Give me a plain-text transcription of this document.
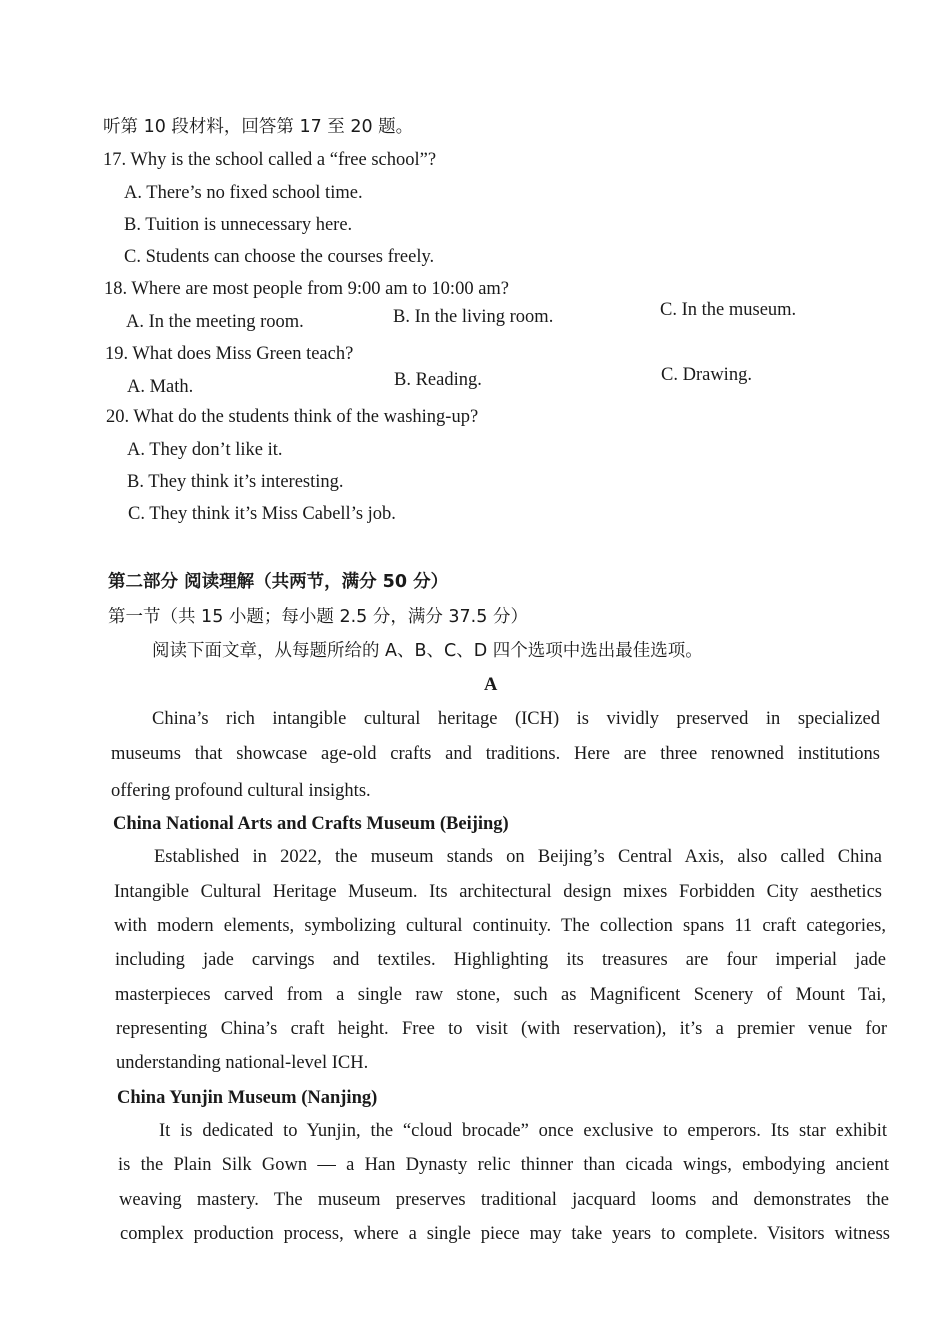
听第 10 段材料，回答第 17 至 20 题。
17. Why is the school called a “free school”?
A. There’s no fixed school time.
B. Tuition is unnecessary here.
C. Students can choose the courses freely.
18. Where are most people from 9:00 am to 10:00 am?
A. In the meeting room.	B. In the living room.	C. In the museum.
19. What does Miss Green teach?
A. Math.	B. Reading.	C. Drawing.
20. What do the students think of the washing-up?
A. They don’t like it.
B. They think it’s interesting.
C. They think it’s Miss Cabell’s job.
第二部分 阅读理解（共两节，满分 50 分）
第一节（共 15 小题；每小题 2.5 分，满分 37.5 分）
阅读下面文章，从每题所给的 A、B、C、D 四个选项中选出最佳选项。
A
China’s rich intangible cultural heritage (ICH) is vividly preserved in specialized
museums that showcase age-old crafts and traditions. Here are three renowned institutions
offering profound cultural insights.
China National Arts and Crafts Museum (Beijing)
Established in 2022, the museum stands on Beijing’s Central Axis, also called China
Intangible Cultural Heritage Museum. Its architectural design mixes Forbidden City aesthetics
with modern elements, symbolizing cultural continuity. The collection spans 11 craft categories,
including jade carvings and textiles. Highlighting its treasures are four imperial jade
masterpieces carved from a single raw stone, such as Magnificent Scenery of Mount Tai,
representing China’s craft height. Free to visit (with reservation), it’s a premier venue for
understanding national-level ICH.
China Yunjin Museum (Nanjing)
It is dedicated to Yunjin, the “cloud brocade” once exclusive to emperors. Its star exhibit
is the Plain Silk Gown — a Han Dynasty relic thinner than cicada wings, embodying ancient
weaving mastery. The museum preserves traditional jacquard looms and demonstrates the
complex production process, where a single piece may take years to complete. Visitors witness
